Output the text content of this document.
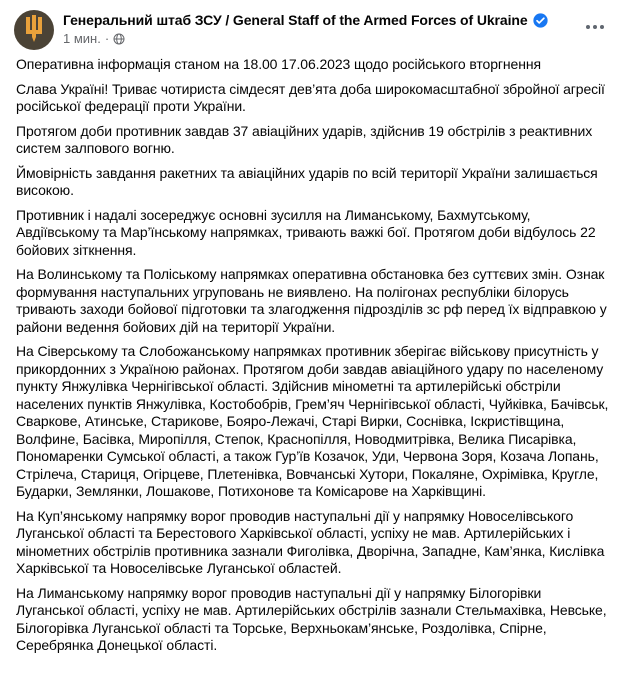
Генеральний штаб ЗСУ / General Staff of the Armed Forces of Ukraine
1 мин. ·

Оперативна інформація станом на 18.00 17.06.2023 щодо російського вторгнення

Слава Україні! Триває чотириста сімдесят дев’ята доба широкомасштабної збройної агресії російської федерації проти України.

Протягом доби противник завдав 37 авіаційних ударів, здійснив 19 обстрілів з реактивних систем залпового вогню.

Ймовірність завдання ракетних та авіаційних ударів по всій території України залишається високою.

Противник і надалі зосереджує основні зусилля на Лиманському, Бахмутському, Авдіївському та Мар’їнському напрямках, тривають важкі бої. Протягом доби відбулось 22 бойових зіткнення.

На Волинському та Поліському напрямках оперативна обстановка без суттєвих змін. Ознак формування наступальних угруповань не виявлено. На полігонах республіки білорусь тривають заходи бойової підготовки та злагодження підрозділів зс рф перед їх відправкою у райони ведення бойових дій на території України.

На Сіверському та Слобожанському напрямках противник зберігає військову присутність у прикордонних з Україною районах. Протягом доби завдав авіаційного удару по населеному пункту Янжулівка Чернігівської області. Здійснив мінометні та артилерійські обстріли населених пунктів Янжулівка, Костобобрів, Грем’яч Чернігівської області, Чуйківка, Бачівськ, Сваркове, Атинське, Старикове, Бояро-Лежачі, Старі Вирки, Соснівка, Іскристівщина, Волфине, Басівка, Миропілля, Степок, Краснопілля, Новодмитрівка, Велика Писарівка, Пономаренки Сумської області, а також Гур’їв Козачок, Уди, Червона Зоря, Козача Лопань, Стрілеча, Стариця, Огірцеве, Плетенівка, Вовчанські Хутори, Покаляне, Охрімівка, Кругле, Бударки, Землянки, Лошакове, Потихонове та Комісарове на Харківщині.

На Куп’янському напрямку ворог проводив наступальні дії у напрямку Новоселівського Луганської області та Берестового Харківської області, успіху не мав. Артилерійських і мінометних обстрілів противника зазнали Фиголівка, Дворічна, Западне, Кам’янка, Кислівка Харківської та Новоселівське Луганської областей.

На Лиманському напрямку ворог проводив наступальні дії у напрямку Білогорівки Луганської області, успіху не мав. Артилерійських обстрілів зазнали Стельмахівка, Невське, Білогорівка Луганської області та Торське, Верхньокам’янське, Роздолівка, Спірне, Серебрянка Донецької області.
